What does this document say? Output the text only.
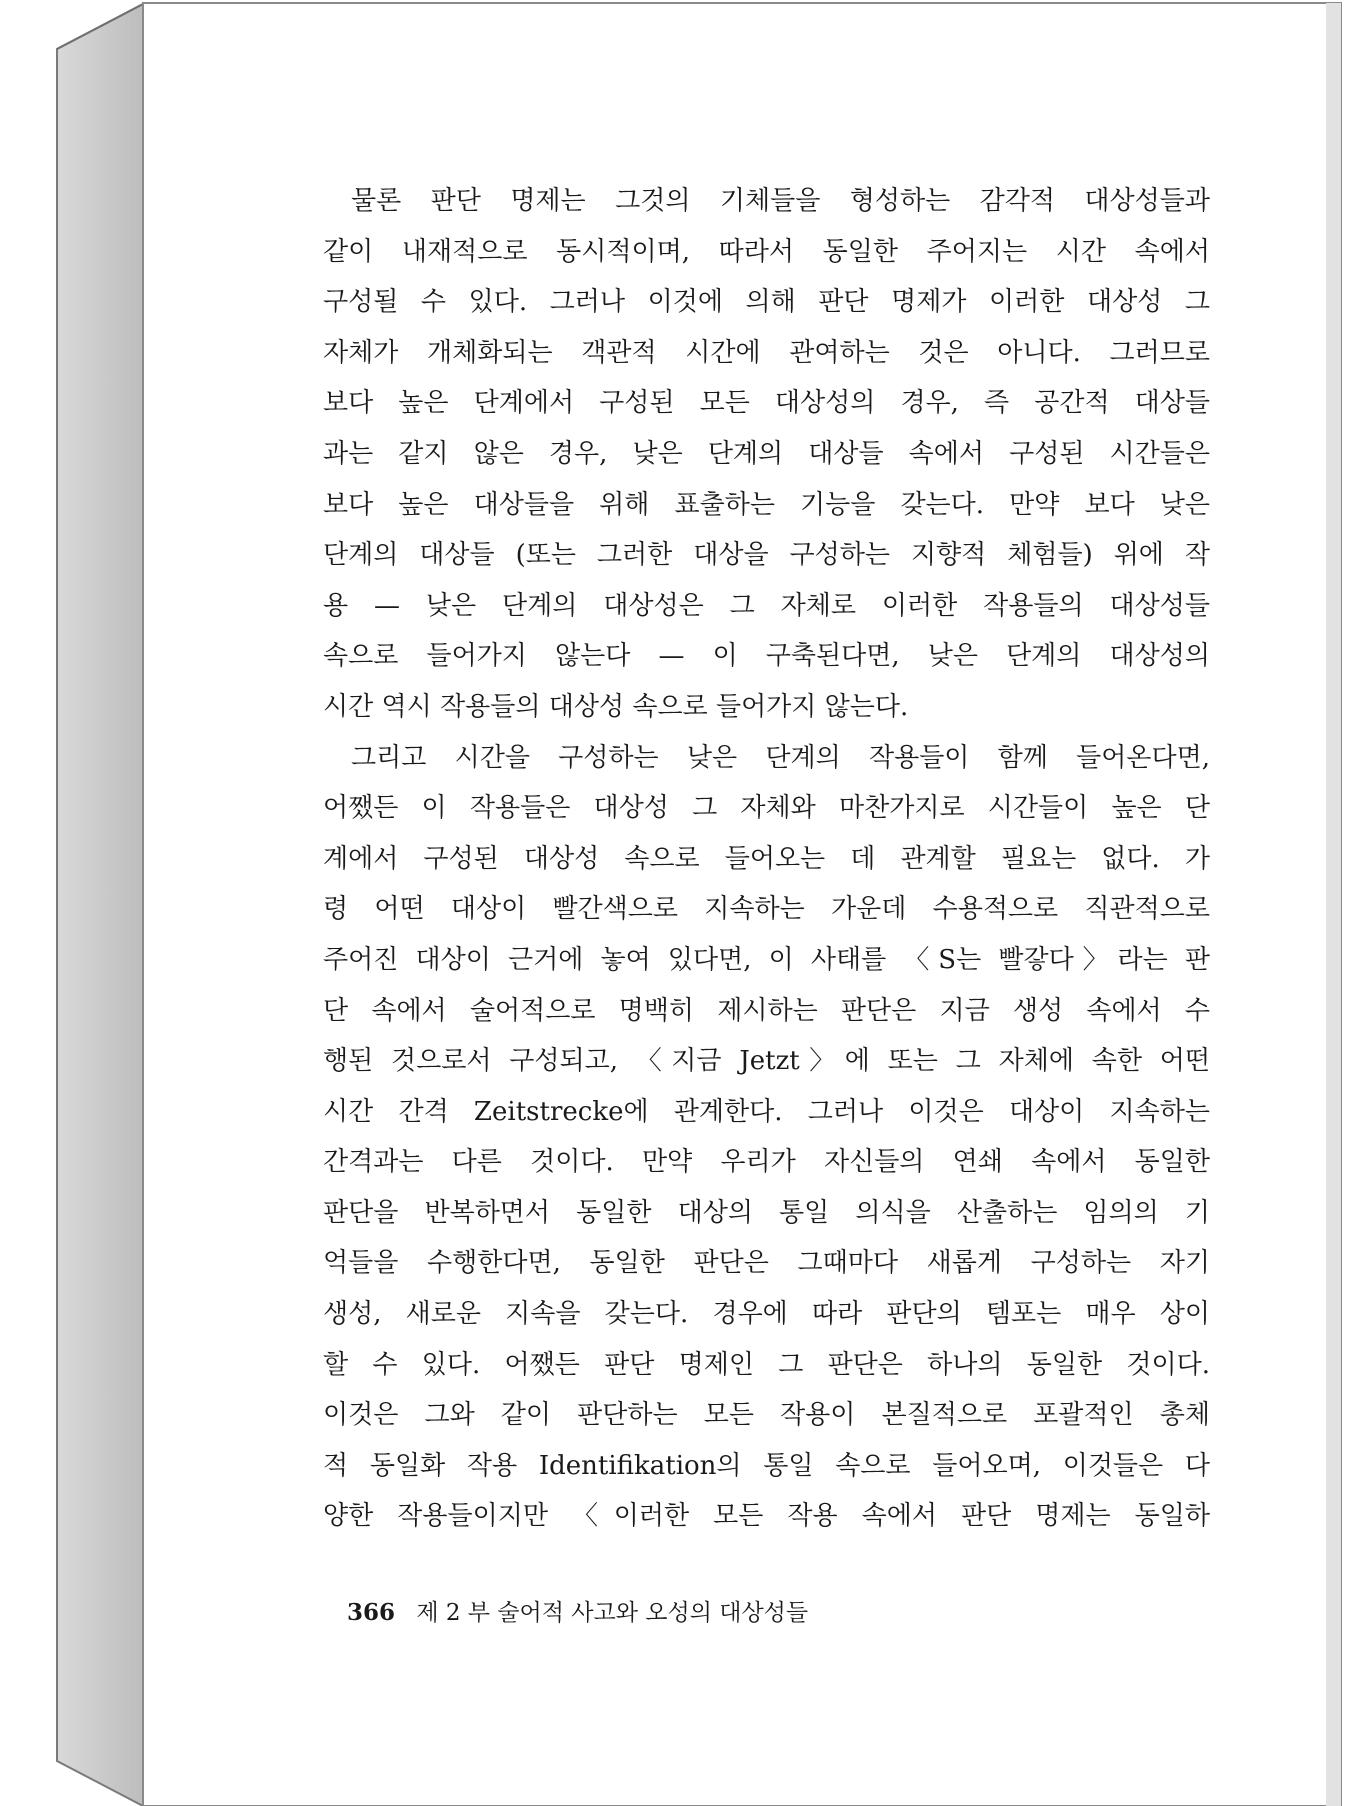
물론 판단 명제는 그것의 기체들을 형성하는 감각적 대상성들과
같이 내재적으로 동시적이며, 따라서 동일한 주어지는 시간 속에서
구성될 수 있다. 그러나 이것에 의해 판단 명제가 이러한 대상성 그
자체가 개체화되는 객관적 시간에 관여하는 것은 아니다. 그러므로
보다 높은 단계에서 구성된 모든 대상성의 경우, 즉 공간적 대상들
과는 같지 않은 경우, 낮은 단계의 대상들 속에서 구성된 시간들은
보다 높은 대상들을 위해 표출하는 기능을 갖는다. 만약 보다 낮은
단계의 대상들 (또는 그러한 대상을 구성하는 지향적 체험들) 위에 작
용 — 낮은 단계의 대상성은 그 자체로 이러한 작용들의 대상성들
속으로 들어가지 않는다 — 이 구축된다면, 낮은 단계의 대상성의
시간 역시 작용들의 대상성 속으로 들어가지 않는다.
그리고 시간을 구성하는 낮은 단계의 작용들이 함께 들어온다면,
어쨌든 이 작용들은 대상성 그 자체와 마찬가지로 시간들이 높은 단
계에서 구성된 대상성 속으로 들어오는 데 관계할 필요는 없다. 가
령 어떤 대상이 빨간색으로 지속하는 가운데 수용적으로 직관적으로
주어진 대상이 근거에 놓여 있다면, 이 사태를 〈S는 빨갛다〉라는 판
단 속에서 술어적으로 명백히 제시하는 판단은 지금 생성 속에서 수
행된 것으로서 구성되고, 〈지금 Jetzt〉에 또는 그 자체에 속한 어떤
시간 간격 Zeitstrecke에 관계한다. 그러나 이것은 대상이 지속하는
간격과는 다른 것이다. 만약 우리가 자신들의 연쇄 속에서 동일한
판단을 반복하면서 동일한 대상의 통일 의식을 산출하는 임의의 기
억들을 수행한다면, 동일한 판단은 그때마다 새롭게 구성하는 자기
생성, 새로운 지속을 갖는다. 경우에 따라 판단의 템포는 매우 상이
할 수 있다. 어쨌든 판단 명제인 그 판단은 하나의 동일한 것이다.
이것은 그와 같이 판단하는 모든 작용이 본질적으로 포괄적인 총체
적 동일화 작용 Identifikation의 통일 속으로 들어오며, 이것들은 다
양한 작용들이지만 〈이러한 모든 작용 속에서 판단 명제는 동일하
366 제 2 부 술어적 사고와 오성의 대상성들
